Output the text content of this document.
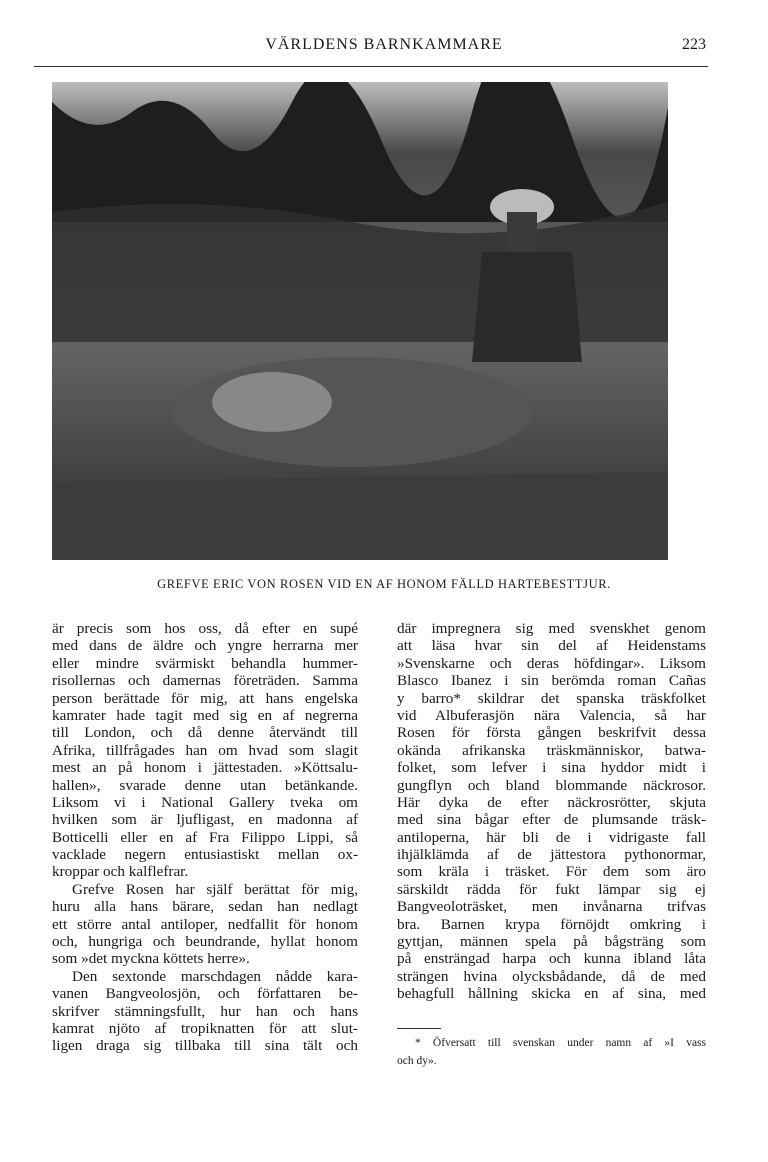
VÄRLDENS BARNKAMMARE	223
GREFVE ERIC VON ROSEN VID EN AF HONOM FÄLLD HARTEBESTTJUR.
är precis som hos oss, då efter en supé
med dans de äldre och yngre herrarna mer
eller mindre svärmiskt behandla hummer-
risollernas och damernas företräden. Samma
person berättade för mig, att hans engelska
kamrater hade tagit med sig en af negrerna
till London, och då denne återvändt till
Afrika, tillfrågades han om hvad som slagit
mest an på honom i jättestaden. »Köttsalu-
hallen», svarade denne utan betänkande.
Liksom vi i National Gallery tveka om
hvilken som är ljufligast, en madonna af
Botticelli eller en af Fra Filippo Lippi, så
vacklade negern entusiastiskt mellan ox-
kroppar och kalflefrar.
Grefve Rosen har själf berättat för mig,
huru alla hans bärare, sedan han nedlagt
ett större antal antiloper, nedfallit för honom
och, hungriga och beundrande, hyllat honom
som »det myckna köttets herre».
Den sextonde marschdagen nådde kara-
vanen Bangveolosjön, och författaren be-
skrifver stämningsfullt, hur han och hans
kamrat njöto af tropiknatten för att slut-
ligen draga sig tillbaka till sina tält och
där impregnera sig med svenskhet genom
att läsa hvar sin del af Heidenstams
»Svenskarne och deras höfdingar». Liksom
Blasco Ibanez i sin berömda roman Cañas
y barro* skildrar det spanska träskfolket
vid Albuferasjön nära Valencia, så har
Rosen för första gången beskrifvit dessa
okända afrikanska träskmänniskor, batwa-
folket, som lefver i sina hyddor midt i
gungflyn och bland blommande näckrosor.
Här dyka de efter näckrosrötter, skjuta
med sina bågar efter de plumsande träsk-
antiloperna, här bli de i vidrigaste fall
ihjälklämda af de jättestora pythonormar,
som kräla i träsket. För dem som äro
särskildt rädda för fukt lämpar sig ej
Bangveoloträsket, men invånarna trifvas
bra. Barnen krypa förnöjdt omkring i
gyttjan, männen spela på bågsträng som
på ensträngad harpa och kunna ibland låta
strängen hvina olycksbådande, då de med
behagfull hållning skicka en af sina, med
* Öfversatt till svenskan under namn af »I vass
och dy».
